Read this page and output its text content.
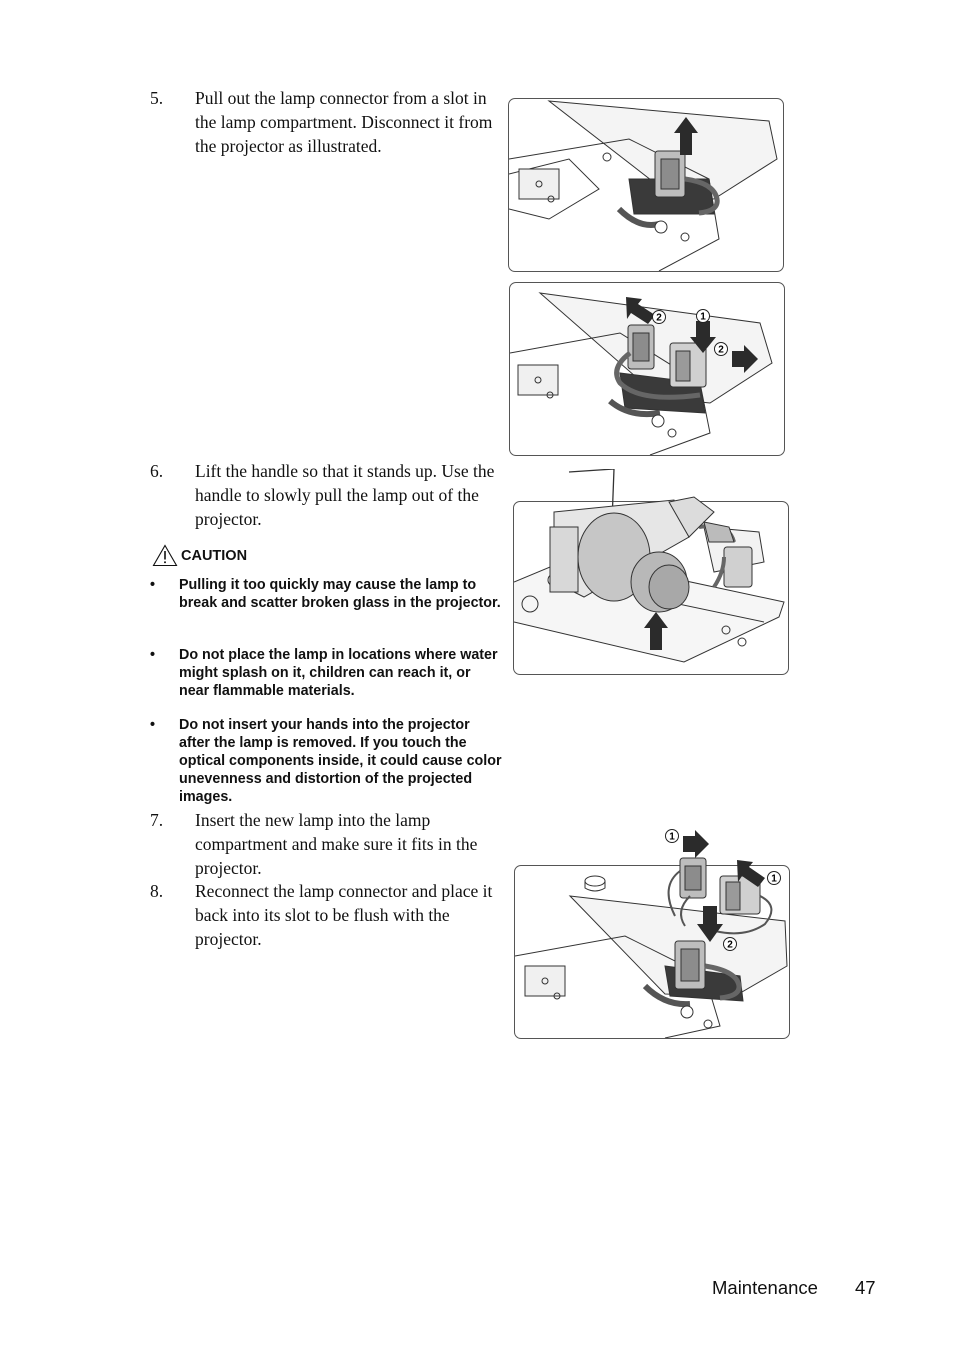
5. Pull out the lamp connector from a slot in the lamp compartment. Disconnect it from the projector as illustrated.
6. Lift the handle so that it stands up. Use the handle to slowly pull the lamp out of the projector.
CAUTION
• Pulling it too quickly may cause the lamp to break and scatter broken glass in the projector.
• Do not place the lamp in locations where water might splash on it, children can reach it, or near flammable materials.
• Do not insert your hands into the projector after the lamp is removed. If you touch the optical components inside, it could cause color unevenness and distortion of the projected images.
7. Insert the new lamp into the lamp compartment and make sure it fits in the projector.
8. Reconnect the lamp connector and place it back into its slot to be flush with the projector.
2	1
2
1
1
2
Maintenance 47
